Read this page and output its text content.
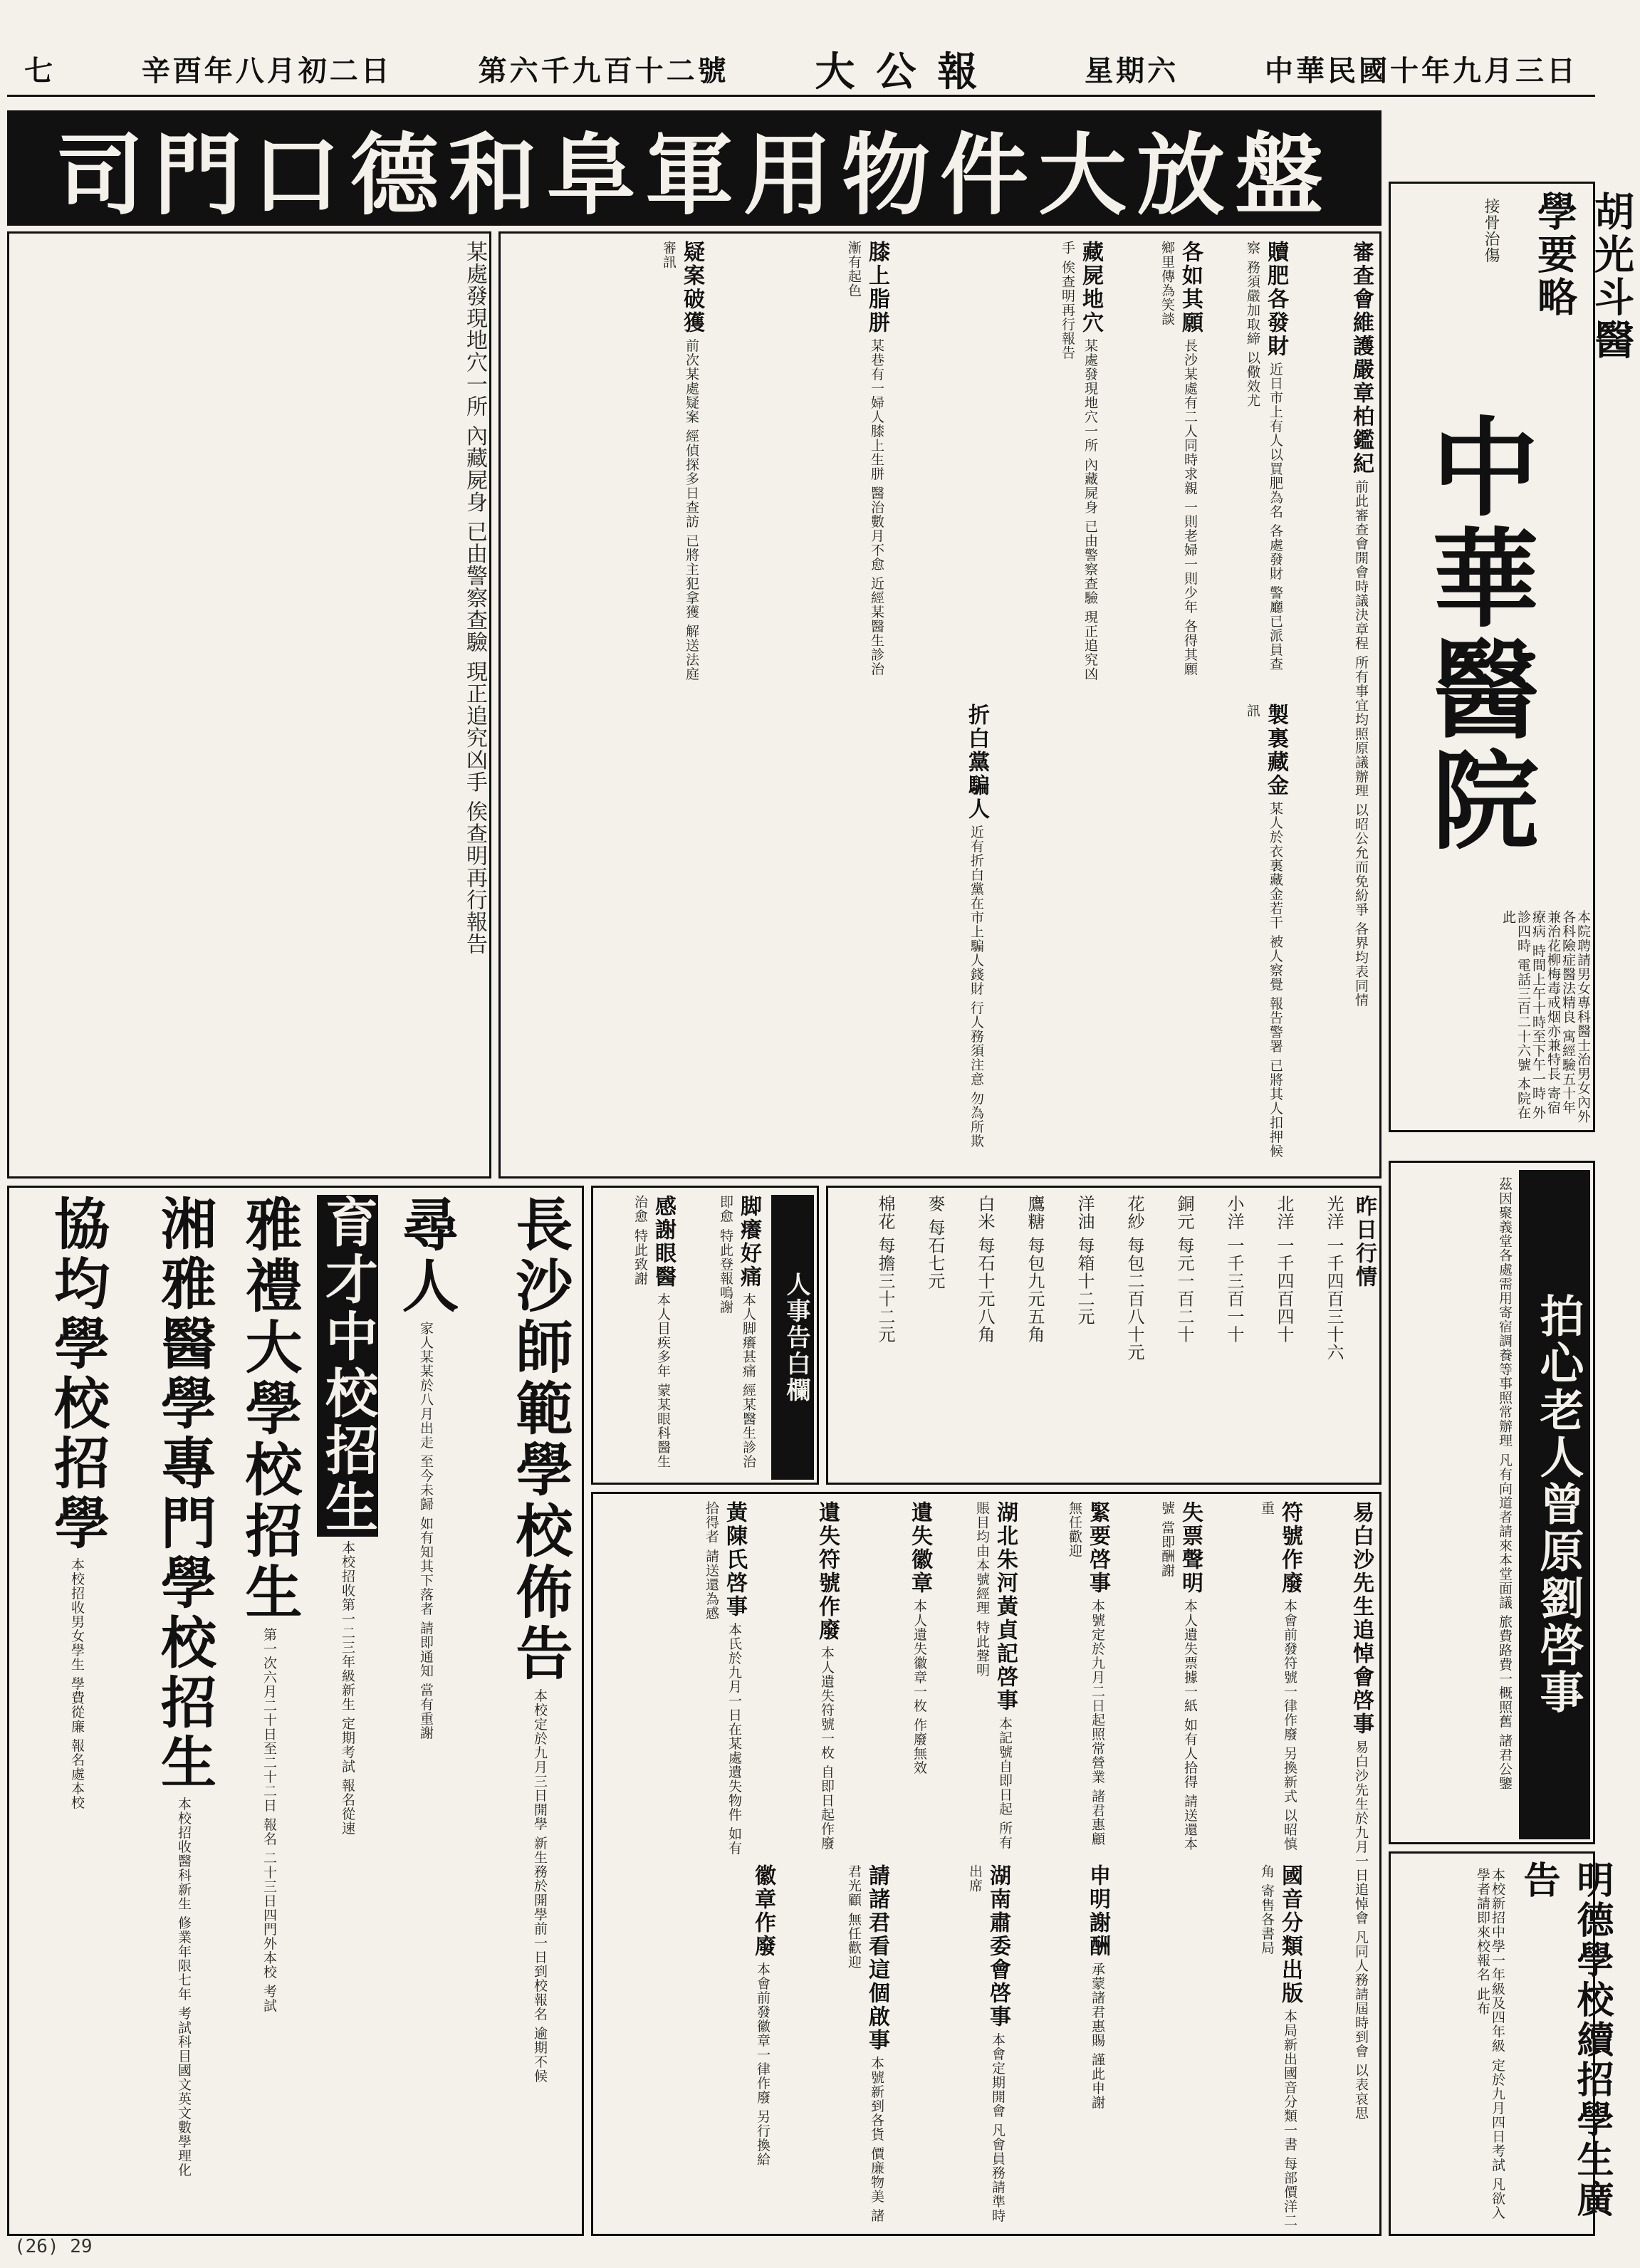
七	辛酉年八月初二日	第六千九百十二號 大公報	星期六	中華民國十年九月三日
司門口德和阜軍用物件大放盤
胡光斗醫學要略
接骨治傷
中華醫院
本院聘請男女專科醫士治男女內外各科險症醫法精良 寓經驗五十年 兼治花柳梅毒戒烟亦兼特長 寄宿療病 時間上午十時至下午一時 外診四時 電話三百二十六號 本院在此
拍心老人曾原劉啓事
茲因聚義堂各處需用寄宿調養等事照常辦理 凡有向道者請來本堂面議 旅費路費一概照舊 諸君公鑒
明德學校續招學生廣告
本校新招中學一年級及四年級 定於九月四日考試 凡欲入學者請即來校報名 此布
審查會維護嚴章柏鑑紀 前此審查會開會時議決章程 所有事宜均照原議辦理 以昭公允而免紛爭 各界均表同情
贖肥各發財 近日市上有人以買肥為名 各處發財 警廳已派員查察 務須嚴加取締 以儆效尤
各如其願 長沙某處有二人同時求親 一則老婦一則少年 各得其願 鄉里傳為笑談
藏屍地穴 某處發現地穴一所 內藏屍身 已由警察查驗 現正追究凶手 俟查明再行報告
膝上脂胼 某巷有一婦人膝上生胼 醫治數月不愈 近經某醫生診治 漸有起色
疑案破獲 前次某處疑案 經偵探多日查訪 已將主犯拿獲 解送法庭審訊
製裏藏金 某人於衣裏藏金若干 被人察覺 報告警署 已將其人扣押候訊
折白黨騙人 近有折白黨在市上騙人錢財 行人務須注意 勿為所欺
某處發現地穴一所 內藏屍身 已由警察查驗 現正追究凶手 俟查明再行報告
昨日行情
光洋 一千四百三十六
北洋 一千四百四十
小洋 一千三百一十
銅元 每元一百二十
花紗 每包二百八十元
洋油 每箱十二元
鷹糖 每包九元五角
白米 每石十元八角
麥 每石七元
棉花 每擔三十二元
人事告白欄
脚癢好痛 本人脚癢甚痛 經某醫生診治即愈 特此登報鳴謝
感謝眼醫 本人目疾多年 蒙某眼科醫生治愈 特此致謝
長沙師範學校佈告 本校定於九月三日開學 新生務於開學前一日到校報名 逾期不候
尋人 家人某某於八月出走 至今未歸 如有知其下落者 請即通知 當有重謝
育才中校招生 本校招收第一二三年級新生 定期考試 報名從速
雅禮大學校招生 第一次六月二十日至二十二日 報名 二十三日四門外本校 考試
湘雅醫學專門學校招生 本校招收醫科新生 修業年限七年 考試科目國文英文數學理化
協均學校招學 本校招收男女學生 學費從廉 報名處本校	易白沙先生追悼會啓事 易白沙先生於九月一日追悼會 凡同人務請屆時到會 以表哀思
符號作廢 本會前發符號一律作廢 另換新式 以昭慎重
失票聲明 本人遺失票據一紙 如有人拾得 請送還本號 當即酬謝
緊要啓事 本號定於九月二日起照常營業 諸君惠顧 無任歡迎
湖北朱河黃貞記啓事 本記號自即日起 所有賬目均由本號經理 特此聲明
遺失徽章 本人遺失徽章一枚 作廢無效
遺失符號作廢 本人遺失符號一枚 自即日起作廢
黃陳氏啓事 本氏於九月一日在某處遺失物件 如有拾得者 請送還為感
國音分類出版 本局新出國音分類一書 每部價洋二角 寄售各書局
申明謝酬 承蒙諸君惠賜 謹此申謝
湖南肅委會啓事 本會定期開會 凡會員務請準時出席
請諸君看這個啟事 本號新到各貨 價廉物美 諸君光顧 無任歡迎
徽章作廢 本會前發徽章一律作廢 另行換給
(26) 29
